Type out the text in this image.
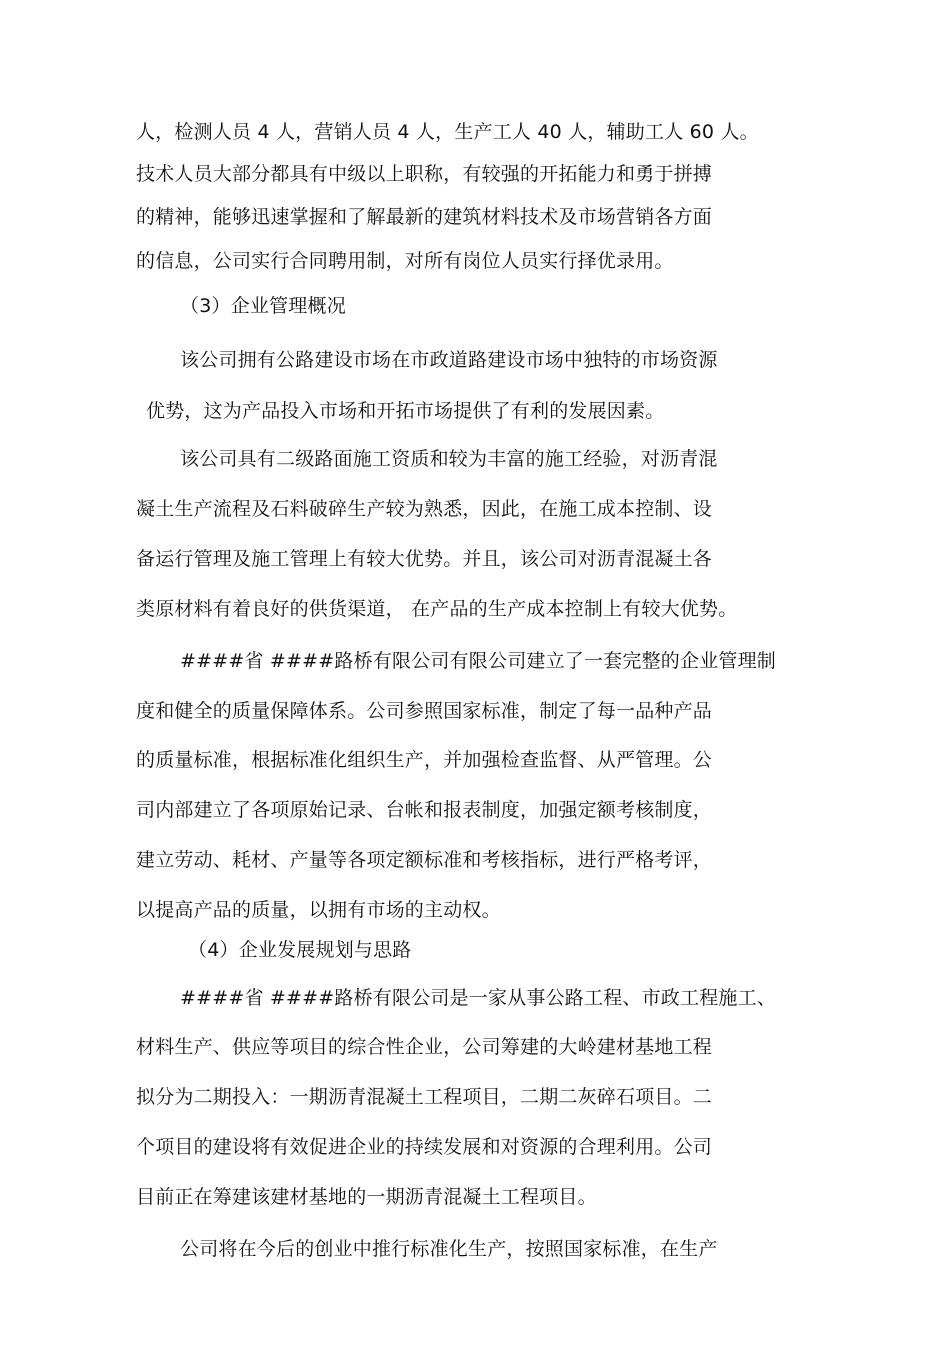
人，检测人员 4 人，营销人员 4 人，生产工人 40 人，辅助工人 60 人。
技术人员大部分都具有中级以上职称，有较强的开拓能力和勇于拼搏
的精神，能够迅速掌握和了解最新的建筑材料技术及市场营销各方面
的信息，公司实行合同聘用制，对所有岗位人员实行择优录用。
（3）企业管理概况
该公司拥有公路建设市场在市政道路建设市场中独特的市场资源
优势，这为产品投入市场和开拓市场提供了有利的发展因素。
该公司具有二级路面施工资质和较为丰富的施工经验，对沥青混
凝土生产流程及石料破碎生产较为熟悉，因此，在施工成本控制、设
备运行管理及施工管理上有较大优势。并且，该公司对沥青混凝土各
类原材料有着良好的供货渠道， 在产品的生产成本控制上有较大优势。
####省 ####路桥有限公司有限公司建立了一套完整的企业管理制
度和健全的质量保障体系。公司参照国家标准，制定了每一品种产品
的质量标准，根据标准化组织生产，并加强检查监督、从严管理。公
司内部建立了各项原始记录、台帐和报表制度，加强定额考核制度，
建立劳动、耗材、产量等各项定额标准和考核指标，进行严格考评，
以提高产品的质量，以拥有市场的主动权。
（4）企业发展规划与思路
####省 ####路桥有限公司是一家从事公路工程、市政工程施工、
材料生产、供应等项目的综合性企业，公司筹建的大岭建材基地工程
拟分为二期投入：一期沥青混凝土工程项目，二期二灰碎石项目。二
个项目的建设将有效促进企业的持续发展和对资源的合理利用。公司
目前正在筹建该建材基地的一期沥青混凝土工程项目。
公司将在今后的创业中推行标准化生产，按照国家标准，在生产
